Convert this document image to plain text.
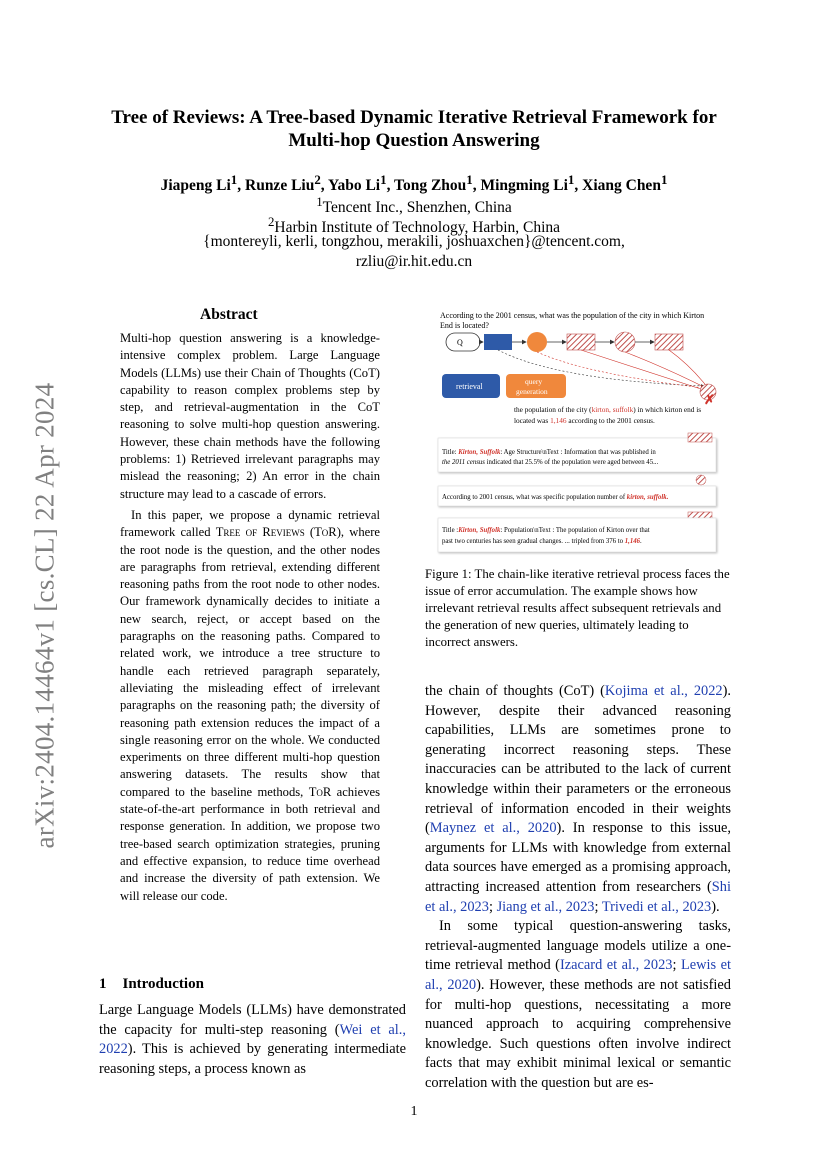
arXiv:2404.14464v1 [cs.CL] 22 Apr 2024
Tree of Reviews: A Tree-based Dynamic Iterative Retrieval Framework for
Multi-hop Question Answering
Jiapeng Li$^1$, Runze Liu$^2$, Yabo Li$^1$, Tong Zhou$^1$, Mingming Li$^1$, Xiang Chen$^1$
$^1$Tencent Inc., Shenzhen, China
$^2$Harbin Institute of Technology, Harbin, China
{montereyli, kerli, tongzhou, merakili, joshuaxchen}@tencent.com,
rzliu@ir.hit.edu.cn
Abstract

Multi-hop question answering is a knowledge-intensive complex problem. Large Language Models (LLMs) use their Chain of Thoughts (CoT) capability to reason complex problems step by step, and retrieval-augmentation in the CoT reasoning to solve multi-hop question answering. However, these chain methods have the following problems: 1) Retrieved irrelevant paragraphs may mislead the reasoning; 2) An error in the chain structure may lead to a cascade of errors.

In this paper, we propose a dynamic retrieval framework called Tree of Reviews (ToR), where the root node is the question, and the other nodes are paragraphs from retrieval, extending different reasoning paths from the root node to other nodes. Our framework dynamically decides to initiate a new search, reject, or accept based on the paragraphs on the reasoning paths. Compared to related work, we introduce a tree structure to handle each retrieved paragraph separately, alleviating the misleading effect of irrelevant paragraphs on the reasoning path; the diversity of reasoning path extension reduces the impact of a single reasoning error on the whole. We conducted experiments on three different multi-hop question answering datasets. The results show that compared to the baseline methods, ToR achieves state-of-the-art performance in both retrieval and response generation. In addition, we propose two tree-based search optimization strategies, pruning and effective expansion, to reduce time overhead and increase the diversity of path extension. We will release our code.

1 Introduction
Large Language Models (LLMs) have demonstrated the capacity for multi-step reasoning (Wei et al., 2022). This is achieved by generating intermediate reasoning steps, a process known as
According to the 2001 census, what was the population of the city in which Kirton
End is located?
Q
✗
retrieval
query
generation
the population of the city (kirton, suffolk) in which kirton end is
located was 1,146 according to the 2001 census.
Title: Kirton, Suffolk: Age Structure\nText : Information that was published in
the 2011 census indicated that 25.5% of the population were aged between 45...
According to 2001 census, what was specific population number of kirton, suffolk.
Title :Kirton, Suffolk: Population\nText : The population of Kirton over that
past two centuries has seen gradual changes. ... tripled from 376 to 1,146.
Figure 1: The chain-like iterative retrieval process faces the issue of error accumulation. The example shows how irrelevant retrieval results affect subsequent retrievals and the generation of new queries, ultimately leading to incorrect answers.

the chain of thoughts (CoT) (Kojima et al., 2022). However, despite their advanced reasoning capabilities, LLMs are sometimes prone to generating incorrect reasoning steps. These inaccuracies can be attributed to the lack of current knowledge within their parameters or the erroneous retrieval of information encoded in their weights (Maynez et al., 2020). In response to this issue, arguments for LLMs with knowledge from external data sources have emerged as a promising approach, attracting increased attention from researchers (Shi et al., 2023; Jiang et al., 2023; Trivedi et al., 2023).

In some typical question-answering tasks, retrieval-augmented language models utilize a one-time retrieval method (Izacard et al., 2023; Lewis et al., 2020). However, these methods are not satisfied for multi-hop questions, necessitating a more nuanced approach to acquiring comprehensive knowledge. Such questions often involve indirect facts that may exhibit minimal lexical or semantic correlation with the question but are es-

1
